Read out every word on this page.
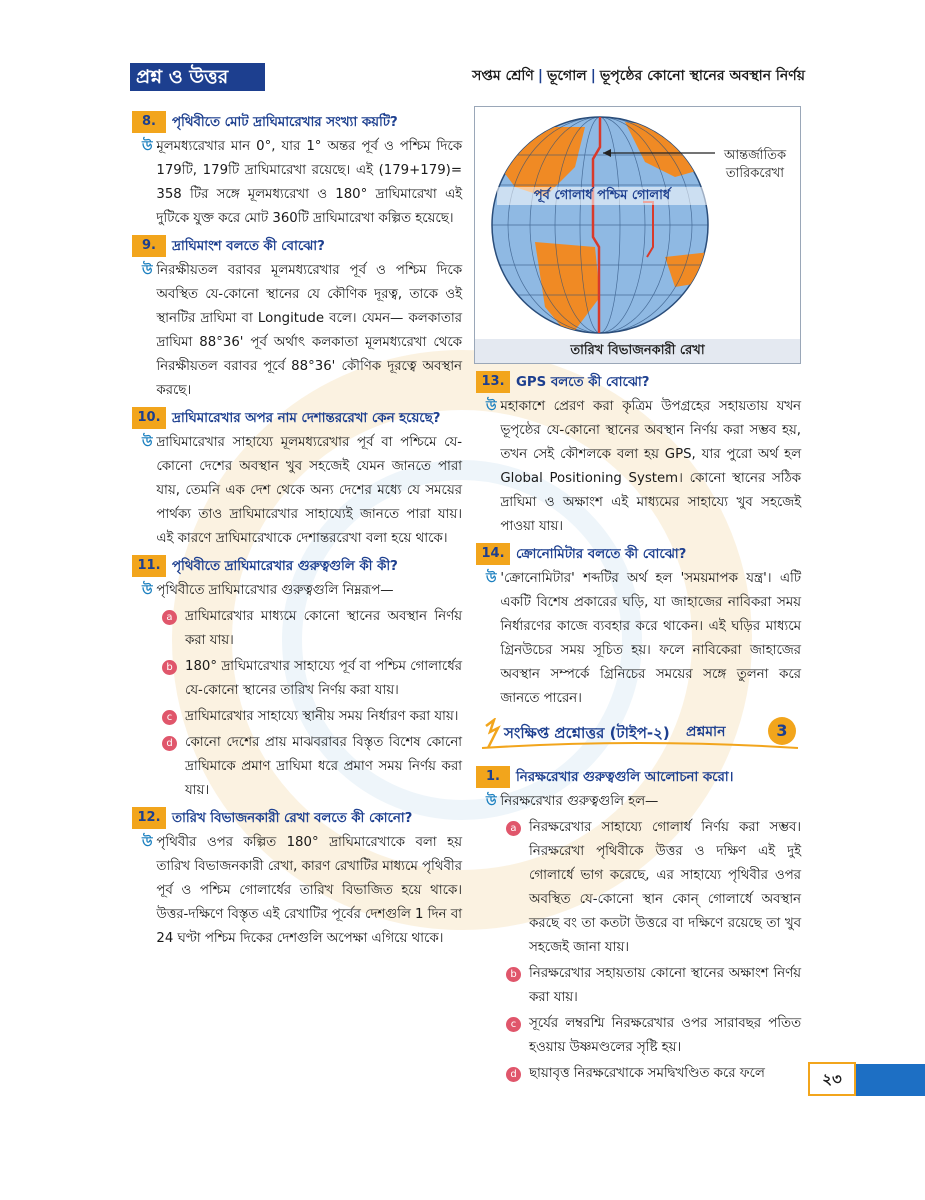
প্রশ্ন ও উত্তর	সপ্তম শ্রেণি | ভূগোল | ভূপৃষ্ঠের কোনো স্থানের অবস্থান নির্ণয়
8.	পৃথিবীতে মোট দ্রাঘিমারেখার সংখ্যা কয়টি?
উ মূলমধ্যরেখার মান 0°, যার 1° অন্তর পূর্ব ও পশ্চিম দিকে 179টি, 179টি দ্রাঘিমারেখা রয়েছে। এই (179+179)= 358 টির সঙ্গে মূলমধ্যরেখা ও 180° দ্রাঘিমারেখা এই দুটিকে যুক্ত করে মোট 360টি দ্রাঘিমারেখা কল্পিত হয়েছে।
9.	দ্রাঘিমাংশ বলতে কী বোঝো?
উ নিরক্ষীয়তল বরাবর মূলমধ্যরেখার পূর্ব ও পশ্চিম দিকে অবস্থিত যে-কোনো স্থানের যে কৌণিক দূরত্ব, তাকে ওই স্থানটির দ্রাঘিমা বা Longitude বলে। যেমন— কলকাতার দ্রাঘিমা 88°36' পূর্ব অর্থাৎ কলকাতা মূলমধ্যরেখা থেকে নিরক্ষীয়তল বরাবর পূর্বে 88°36' কৌণিক দূরত্বে অবস্থান করছে।
10. দ্রাঘিমারেখার অপর নাম দেশান্তররেখা কেন হয়েছে?
উ দ্রাঘিমারেখার সাহায্যে মূলমধ্যরেখার পূর্ব বা পশ্চিমে যে-কোনো দেশের অবস্থান খুব সহজেই যেমন জানতে পারা যায়, তেমনি এক দেশ থেকে অন্য দেশের মধ্যে যে সময়ের পার্থক্য তাও দ্রাঘিমারেখার সাহায্যেই জানতে পারা যায়। এই কারণে দ্রাঘিমারেখাকে দেশান্তররেখা বলা হয়ে থাকে।
11. পৃথিবীতে দ্রাঘিমারেখার গুরুত্বগুলি কী কী?
উ পৃথিবীতে দ্রাঘিমারেখার গুরুত্বগুলি নিম্নরূপ—
a দ্রাঘিমারেখার মাধ্যমে কোনো স্থানের অবস্থান নির্ণয় করা যায়।
b 180° দ্রাঘিমারেখার সাহায্যে পূর্ব বা পশ্চিম গোলার্ধের যে-কোনো স্থানের তারিখ নির্ণয় করা যায়।
c দ্রাঘিমারেখার সাহায্যে স্থানীয় সময় নির্ধারণ করা যায়।
d কোনো দেশের প্রায় মাঝবরাবর বিস্তৃত বিশেষ কোনো দ্রাঘিমাকে প্রমাণ দ্রাঘিমা ধরে প্রমাণ সময় নির্ণয় করা যায়।
12. তারিখ বিভাজনকারী রেখা বলতে কী কোনো?
উ পৃথিবীর ওপর কল্পিত 180° দ্রাঘিমারেখাকে বলা হয় তারিখ বিভাজনকারী রেখা, কারণ রেখাটির মাধ্যমে পৃথিবীর পূর্ব ও পশ্চিম গোলার্ধের তারিখ বিভাজিত হয়ে থাকে। উত্তর-দক্ষিণে বিস্তৃত এই রেখাটির পূর্বের দেশগুলি 1 দিন বা 24 ঘণ্টা পশ্চিম দিকের দেশগুলি অপেক্ষা এগিয়ে থাকে।
আন্তর্জাতিক তারিকরেখা
পূর্ব গোলার্ধ পশ্চিম গোলার্ধ
তারিখ বিভাজনকারী রেখা
13. GPS বলতে কী বোঝো?
উ মহাকাশে প্রেরণ করা কৃত্রিম উপগ্রহের সহায়তায় যখন ভূপৃষ্ঠের যে-কোনো স্থানের অবস্থান নির্ণয় করা সম্ভব হয়, তখন সেই কৌশলকে বলা হয় GPS, যার পুরো অর্থ হল Global Positioning System। কোনো স্থানের সঠিক দ্রাঘিমা ও অক্ষাংশ এই মাধ্যমের সাহায্যে খুব সহজেই পাওয়া যায়।
14. ক্রোনোমিটার বলতে কী বোঝো?
উ 'ক্রোনোমিটার' শব্দটির অর্থ হল 'সময়মাপক যন্ত্র'। এটি একটি বিশেষ প্রকারের ঘড়ি, যা জাহাজের নাবিকরা সময় নির্ধারণের কাজে ব্যবহার করে থাকেন। এই ঘড়ির মাধ্যমে গ্রিনউচের সময় সূচিত হয়। ফলে নাবিকেরা জাহাজের অবস্থান সম্পর্কে গ্রিনিচের সময়ের সঙ্গে তুলনা করে জানতে পারেন।
সংক্ষিপ্ত প্রশ্নোত্তর (টাইপ-২) প্রশ্নমান	3
1.	নিরক্ষরেখার গুরুত্বগুলি আলোচনা করো।
উ নিরক্ষরেখার গুরুত্বগুলি হল—
a নিরক্ষরেখার সাহায্যে গোলার্ধ নির্ণয় করা সম্ভব। নিরক্ষরেখা পৃথিবীকে উত্তর ও দক্ষিণ এই দুই গোলার্ধে ভাগ করেছে, এর সাহায্যে পৃথিবীর ওপর অবস্থিত যে-কোনো স্থান কোন্‌ গোলার্ধে অবস্থান করছে বং তা কতটা উত্তরে বা দক্ষিণে রয়েছে তা খুব সহজেই জানা যায়।
b নিরক্ষরেখার সহায়তায় কোনো স্থানের অক্ষাংশ নির্ণয় করা যায়।
c সূর্যের লম্বরশ্মি নিরক্ষরেখার ওপর সারাবছর পতিত হওয়ায় উষ্ণমণ্ডলের সৃষ্টি হয়।
d ছায়াবৃত্ত নিরক্ষরেখাকে সমদ্বিখণ্ডিত করে ফলে	২৩
